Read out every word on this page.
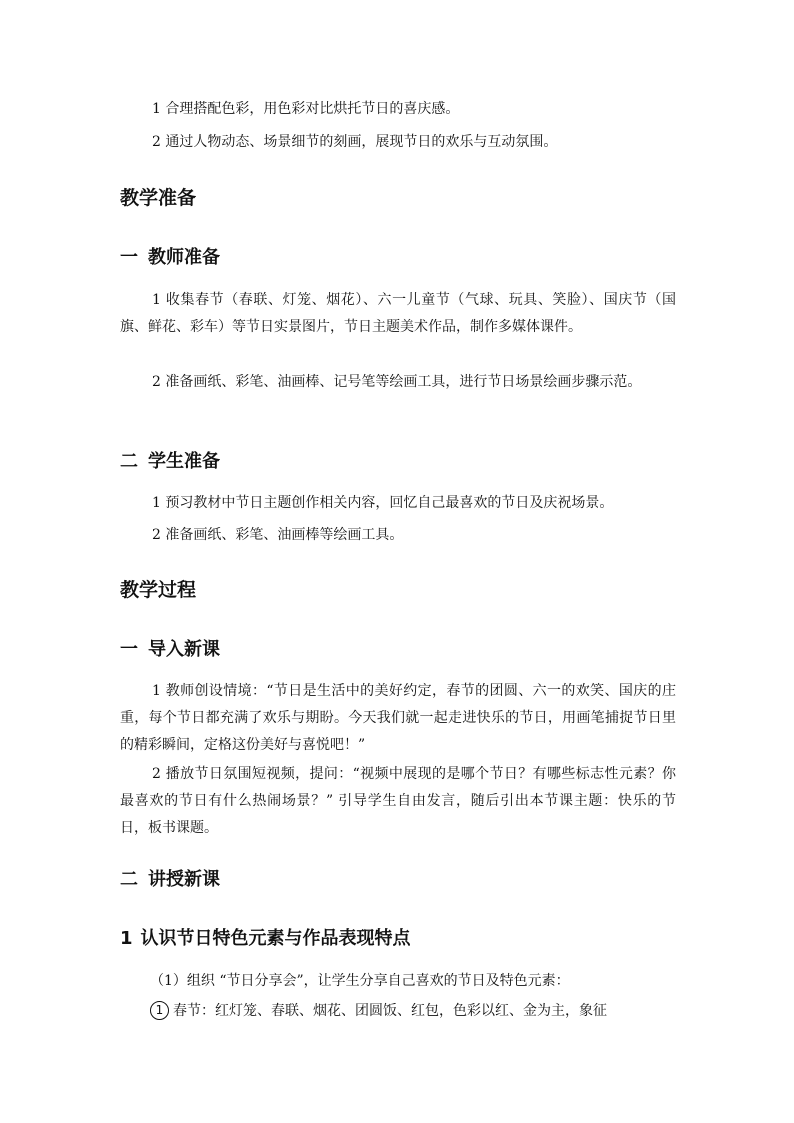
1 合理搭配色彩，用色彩对比烘托节日的喜庆感。

2 通过人物动态、场景细节的刻画，展现节日的欢乐与互动氛围。

教学准备
一 教师准备

1 收集春节（春联、灯笼、烟花）、六一儿童节（气球、玩具、笑脸）、国庆节（国旗、鲜花、彩车）等节日实景图片，节日主题美术作品，制作多媒体课件。

2 准备画纸、彩笔、油画棒、记号笔等绘画工具，进行节日场景绘画步骤示范。

二 学生准备

1 预习教材中节日主题创作相关内容，回忆自己最喜欢的节日及庆祝场景。

2 准备画纸、彩笔、油画棒等绘画工具。

教学过程
一 导入新课

1 教师创设情境：“节日是生活中的美好约定，春节的团圆、六一的欢笑、国庆的庄重，每个节日都充满了欢乐与期盼。今天我们就一起走进快乐的节日，用画笔捕捉节日里的精彩瞬间，定格这份美好与喜悦吧！”

2 播放节日氛围短视频，提问：“视频中展现的是哪个节日？有哪些标志性元素？你最喜欢的节日有什么热闹场景？” 引导学生自由发言，随后引出本节课主题：快乐的节日，板书课题。

二 讲授新课
1 认识节日特色元素与作品表现特点

（1）组织 “节日分享会”，让学生分享自己喜欢的节日及特色元素：

1 春节：红灯笼、春联、烟花、团圆饭、红包，色彩以红、金为主，象征
